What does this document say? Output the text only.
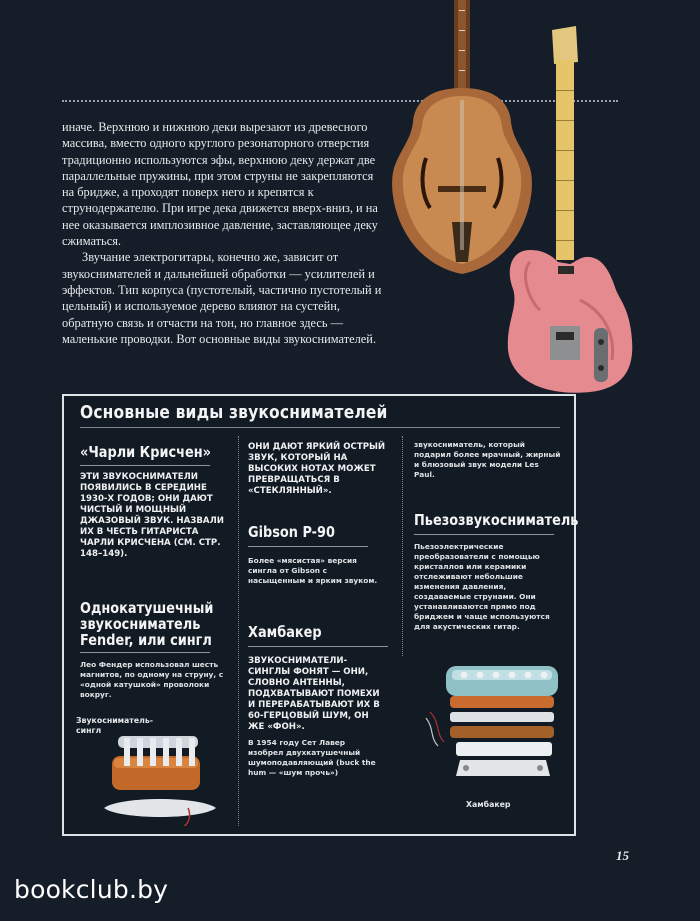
иначе. Верхнюю и нижнюю деки вырезают из древесного массива, вместо одного круглого резонаторного отверстия традиционно используются эфы, верхнюю деку держат две параллельные пружины, при этом струны не закрепляются на бридже, а проходят поверх него и крепятся к струнодержателю. При игре дека движется вверх-вниз, и на нее оказывается имплозивное давление, заставляющее деку сжиматься.

Звучание электрогитары, конечно же, зависит от звукоснимателей и дальнейшей обработки — усилителей и эффектов. Тип корпуса (пустотелый, частично пустотелый и цельный) и используемое дерево влияют на сустейн, обратную связь и отчасти на тон, но главное здесь — маленькие проводки. Вот основные виды звукоснимателей.

Основные виды звукоснимателей
«Чарли Крисчен»

ЭТИ ЗВУКОСНИМАТЕЛИ ПОЯВИЛИСЬ В СЕРЕДИНЕ 1930-Х ГОДОВ; ОНИ ДАЮТ ЧИСТЫЙ И МОЩНЫЙ ДЖАЗОВЫЙ ЗВУК. НАЗВАЛИ ИХ В ЧЕСТЬ ГИТАРИСТА ЧАРЛИ КРИСЧЕНА (СМ. СТР. 148–149).

Однокатушечный звукосниматель Fender, или сингл

Лео Фендер использовал шесть магнитов, по одному на струну, с «одной катушкой» проволоки вокруг.

Звукосниматель-сингл

ОНИ ДАЮТ ЯРКИЙ ОСТРЫЙ ЗВУК, КОТОРЫЙ НА ВЫСОКИХ НОТАХ МОЖЕТ ПРЕВРАЩАТЬСЯ В «СТЕКЛЯННЫЙ».

Gibson P-90

Более «мясистая» версия сингла от Gibson с насыщенным и ярким звуком.

Хамбакер

ЗВУКОСНИМАТЕЛИ-СИНГЛЫ ФОНЯТ — ОНИ, СЛОВНО АНТЕННЫ, ПОДХВАТЫВАЮТ ПОМЕХИ И ПЕРЕРАБАТЫВАЮТ ИХ В 60-ГЕРЦОВЫЙ ШУМ, ОН ЖЕ «ФОН».

В 1954 году Сет Лавер изобрел двухкатушечный шумоподавляющий (buck the hum — «шум прочь»)

звукосниматель, который подарил более мрачный, жирный и блюзовый звук модели Les Paul.

Пьезозвукосниматель

Пьезоэлектрические преобразователи с помощью кристаллов или керамики отслеживают небольшие изменения давления, создаваемые струнами. Они устанавливаются прямо под бриджем и чаще используются для акустических гитар.

Хамбакер
15
bookclub.by
